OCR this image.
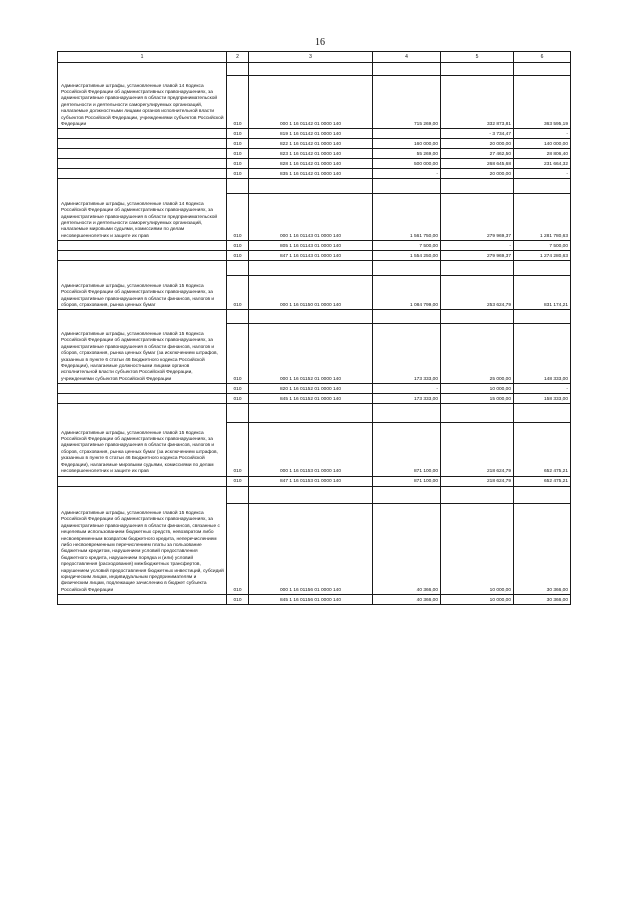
16
1	2	3	4	5	6

Административные штрафы, установленные главой 14 Кодекса Российской Федерации об административных правонарушениях, за административные правонарушения в области предпринимательской деятельности и деятельности саморегулируемых организаций, налагаемые должностными лицами органов исполнительной власти субъектов Российской Федерации, учреждениями субъектов Российской Федерации	010	000 1 16 01142 01 0000 140	715 269,00	332 873,81	363 595,19
	010	819 1 16 01142 01 0000 140		- 3 734,47	-
	010	822 1 16 01142 01 0000 140	160 000,00	20 000,00	140 000,00
	010	823 1 16 01142 01 0000 140	55 269,00	27 462,50	28 806,40
	010	828 1 16 01142 01 0000 140	500 000,00	268 645,68	231 664,32
	010	835 1 16 01142 01 0000 140	-	20 000,00	-

Административные штрафы, установленные главой 14 Кодекса Российской Федерации об административных правонарушениях, за административные правонарушения в области предпринимательской деятельности и деятельности саморегулируемых организаций, налагаемые мировыми судьями, комиссиями по делам несовершеннолетних и защите их прав	010	000 1 16 01143 01 0000 140	1 561 750,00	279 969,37	1 281 780,63
	010	805 1 16 01143 01 0000 140	7 500,00	-	7 500,00
	010	847 1 16 01143 01 0000 140	1 554 250,00	279 969,37	1 274 280,63

Административные штрафы, установленные главой 15 Кодекса Российской Федерации об административных правонарушениях, за административные правонарушения в области финансов, налогов и сборов, страхования, рынка ценных бумаг	010	000 1 16 01150 01 0000 140	1 084 799,00	253 624,79	831 174,21

Административные штрафы, установленные главой 15 Кодекса Российской Федерации об административных правонарушениях, за административные правонарушения в области финансов, налогов и сборов, страхования, рынка ценных бумаг (за исключением штрафов, указанных в пункте 6 статьи 46 Бюджетного кодекса Российской Федерации), налагаемые должностными лицами органов исполнительной власти субъектов Российской Федерации, учреждениями субъектов Российской Федерации	010	000 1 16 01152 01 0000 140	173 333,00	25 000,00	148 333,00
	010	820 1 16 01152 01 0000 140	-	10 000,00	-
	010	845 1 16 01152 01 0000 140	173 333,00	15 000,00	158 333,00

Административные штрафы, установленные главой 15 Кодекса Российской Федерации об административных правонарушениях, за административные правонарушения в области финансов, налогов и сборов, страхования, рынка ценных бумаг (за исключением штрафов, указанных в пункте 6 статьи 46 Бюджетного кодекса Российской Федерации), налагаемые мировыми судьями, комиссиями по делам несовершеннолетних и защите их прав	010	000 1 16 01153 01 0000 140	871 100,00	218 624,79	652 475,21
	010	847 1 16 01153 01 0000 140	871 100,00	218 624,79	652 475,21

Административные штрафы, установленные главой 15 Кодекса Российской Федерации об административных правонарушениях, за административные правонарушения в области финансов, связанные с нецелевым использованием бюджетных средств, невозвратом либо несвоевременным возвратом бюджетного кредита, неперечислением либо несвоевременным перечислением платы за пользование бюджетным кредитом, нарушением условий предоставления бюджетного кредита, нарушением порядка и (или) условий предоставления (расходования) межбюджетных трансфертов, нарушением условий предоставления бюджетных инвестиций, субсидий юридическим лицам, индивидуальным предпринимателям и физическим лицам, подлежащие зачислению в бюджет субъекта Российской Федерации	010	000 1 16 01156 01 0000 140	40 366,00	10 000,00	30 366,00
	010	845 1 16 01156 01 0000 140	40 366,00	10 000,00	30 366,00
